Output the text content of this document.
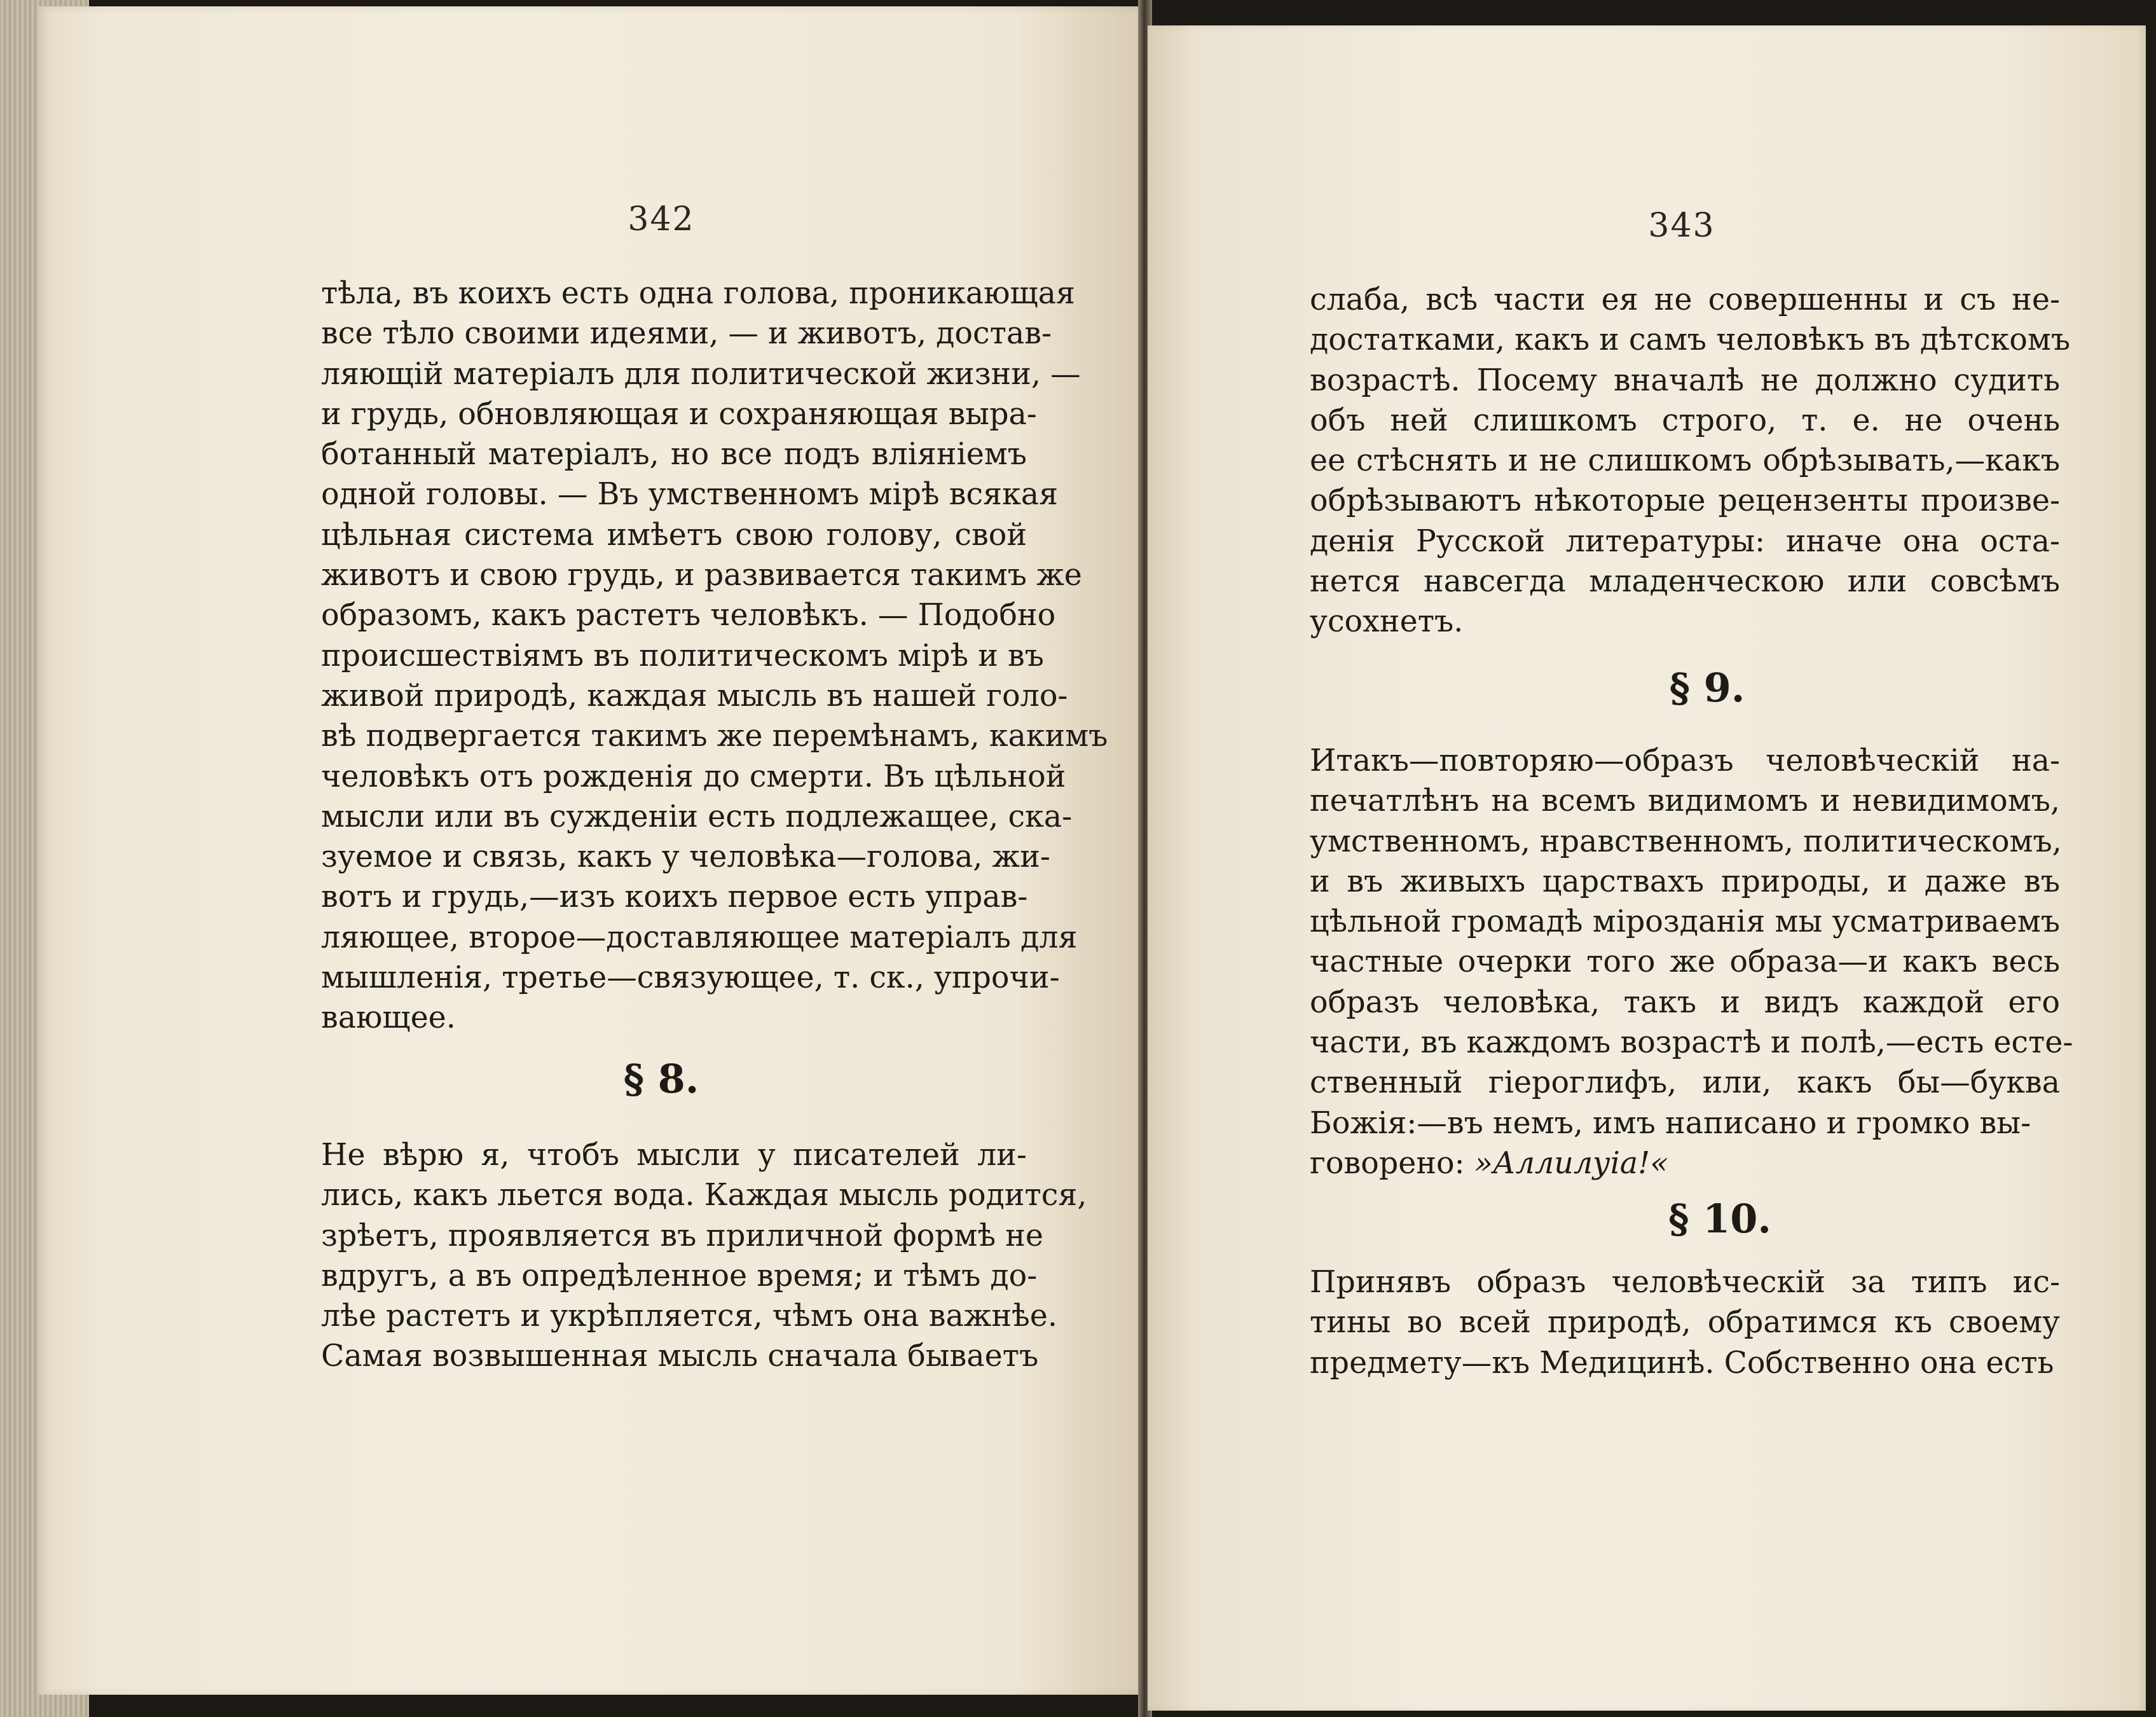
342
тѣла, въ коихъ есть одна голова, проникающая
все тѣло своими идеями, — и животъ, достав-
ляющій матеріалъ для политической жизни, —
и грудь, обновляющая и сохраняющая выра-
ботанный матеріалъ, но все подъ вліяніемъ
одной головы. — Въ умственномъ мірѣ всякая
цѣльная система имѣетъ свою голову, свой
животъ и свою грудь, и развивается такимъ же
образомъ, какъ растетъ человѣкъ. — Подобно
происшествіямъ въ политическомъ мірѣ и въ
живой природѣ, каждая мысль въ нашей голо-
вѣ подвергается такимъ же перемѣнамъ, какимъ
человѣкъ отъ рожденія до смерти. Въ цѣльной
мысли или въ сужденіи есть подлежащее, ска-
зуемое и связь, какъ у человѣка—голова, жи-
вотъ и грудь,—изъ коихъ первое есть управ-
ляющее, второе—доставляющее матеріалъ для
мышленія, третье—связующее, т. ск., упрочи-
вающее.
§ 8.
Не вѣрю я, чтобъ мысли у писателей ли-
лись, какъ льется вода. Каждая мысль родится,
зрѣетъ, проявляется въ приличной формѣ не
вдругъ, а въ опредѣленное время; и тѣмъ до-
лѣе растетъ и укрѣпляется, чѣмъ она важнѣе.
Самая возвышенная мысль сначала бываетъ
343
слаба, всѣ части ея не совершенны и съ не-
достатками, какъ и самъ человѣкъ въ дѣтскомъ
возрастѣ. Посему вначалѣ не должно судить
объ ней слишкомъ строго, т. е. не очень
ее стѣснять и не слишкомъ обрѣзывать,—какъ
обрѣзываютъ нѣкоторые рецензенты произве-
денія Русской литературы: иначе она оста-
нется навсегда младенческою или совсѣмъ
усохнетъ.
§ 9.
Итакъ—повторяю—образъ человѣческій на-
печатлѣнъ на всемъ видимомъ и невидимомъ,
умственномъ, нравственномъ, политическомъ,
и въ живыхъ царствахъ природы, и даже въ
цѣльной громадѣ мірозданія мы усматриваемъ
частные очерки того же образа—и какъ весь
образъ человѣка, такъ и видъ каждой его
части, въ каждомъ возрастѣ и полѣ,—есть есте-
ственный гіероглифъ, или, какъ бы—буква
Божія:—въ немъ, имъ написано и громко вы-
говорено: »Аллилуіа!«
§ 10.
Принявъ образъ человѣческій за типъ ис-
тины во всей природѣ, обратимся къ своему
предмету—къ Медицинѣ. Собственно она есть
